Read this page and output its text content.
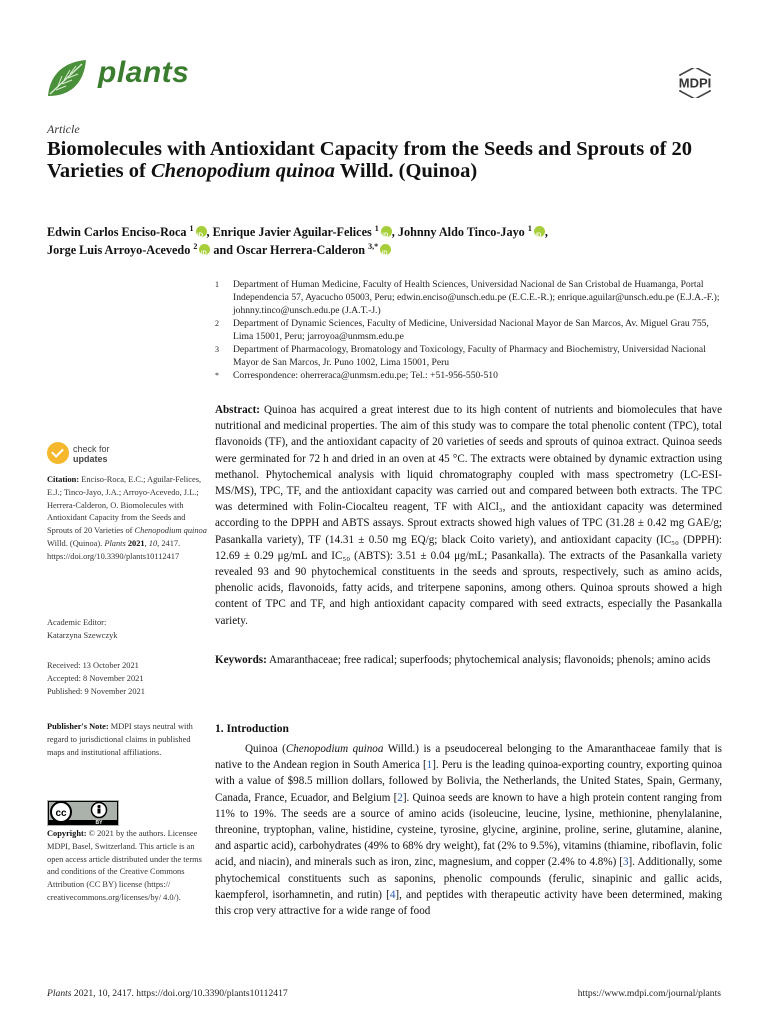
plants	MDPI
Article
Biomolecules with Antioxidant Capacity from the Seeds and Sprouts of 20 Varieties of Chenopodium quinoa Willd. (Quinoa)
Edwin Carlos Enciso-Roca $^1$ iD , Enrique Javier Aguilar-Felices $^1$ iD , Johnny Aldo Tinco-Jayo $^1$ iD ,
Jorge Luis Arroyo-Acevedo $^2$iD and Oscar Herrera-Calderon $^{3,*}$iD
1	Department of Human Medicine, Faculty of Health Sciences, Universidad Nacional de San Cristobal de Huamanga, Portal Independencia 57, Ayacucho 05003, Peru; edwin.enciso@unsch.edu.pe (E.C.E.-R.); enrique.aguilar@unsch.edu.pe (E.J.A.-F.); johnny.tinco@unsch.edu.pe (J.A.T.-J.)
2	Department of Dynamic Sciences, Faculty of Medicine, Universidad Nacional Mayor de San Marcos, Av. Miguel Grau 755, Lima 15001, Peru; jarroyoa@unmsm.edu.pe
3	Department of Pharmacology, Bromatology and Toxicology, Faculty of Pharmacy and Biochemistry, Universidad Nacional Mayor de San Marcos, Jr. Puno 1002, Lima 15001, Peru
*	Correspondence: oherreraca@unmsm.edu.pe; Tel.: +51-956-550-510
check for
updates
Citation: Enciso-Roca, E.C.; Aguilar-Felices, E.J.; Tinco-Jayo, J.A.; Arroyo-Acevedo, J.L.; Herrera-Calderon, O. Biomolecules with Antioxidant Capacity from the Seeds and Sprouts of 20 Varieties of Chenopodium quinoa Willd. (Quinoa). Plants 2021, 10, 2417. https://doi.org/10.3390/plants10112417
Academic Editor:
Katarzyna Szewczyk
Received: 13 October 2021
Accepted: 8 November 2021
Published: 9 November 2021
Publisher's Note: MDPI stays neutral with regard to jurisdictional claims in published maps and institutional affiliations.
cc
BY
Copyright: © 2021 by the authors. Licensee MDPI, Basel, Switzerland. This article is an open access article distributed under the terms and conditions of the Creative Commons Attribution (CC BY) license (https:// creativecommons.org/licenses/by/ 4.0/).
Abstract: Quinoa has acquired a great interest due to its high content of nutrients and biomolecules that have nutritional and medicinal properties. The aim of this study was to compare the total phenolic content (TPC), total flavonoids (TF), and the antioxidant capacity of 20 varieties of seeds and sprouts of quinoa extract. Quinoa seeds were germinated for 72 h and dried in an oven at 45 °C. The extracts were obtained by dynamic extraction using methanol. Phytochemical analysis with liquid chromatography coupled with mass spectrometry (LC-ESI-MS/MS), TPC, TF, and the antioxidant capacity was carried out and compared between both extracts. The TPC was determined with Folin-Ciocalteu reagent, TF with AlCl₃, and the antioxidant capacity was determined according to the DPPH and ABTS assays. Sprout extracts showed high values of TPC (31.28 ± 0.42 mg GAE/g; Pasankalla variety), TF (14.31 ± 0.50 mg EQ/g; black Coito variety), and antioxidant capacity (IC₅₀ (DPPH): 12.69 ± 0.29 μg/mL and IC₅₀ (ABTS): 3.51 ± 0.04 μg/mL; Pasankalla). The extracts of the Pasankalla variety revealed 93 and 90 phytochemical constituents in the seeds and sprouts, respectively, such as amino acids, phenolic acids, flavonoids, fatty acids, and triterpene saponins, among others. Quinoa sprouts showed a high content of TPC and TF, and high antioxidant capacity compared with seed extracts, especially the Pasankalla variety.
Keywords: Amaranthaceae; free radical; superfoods; phytochemical analysis; flavonoids; phenols; amino acids
1. Introduction
Quinoa (Chenopodium quinoa Willd.) is a pseudocereal belonging to the Amaranthaceae family that is native to the Andean region in South America [1]. Peru is the leading quinoa-exporting country, exporting quinoa with a value of $98.5 million dollars, followed by Bolivia, the Netherlands, the United States, Spain, Germany, Canada, France, Ecuador, and Belgium [2]. Quinoa seeds are known to have a high protein content ranging from 11% to 19%. The seeds are a source of amino acids (isoleucine, leucine, lysine, methionine, phenylalanine, threonine, tryptophan, valine, histidine, cysteine, tyrosine, glycine, arginine, proline, serine, glutamine, alanine, and aspartic acid), carbohydrates (49% to 68% dry weight), fat (2% to 9.5%), vitamins (thiamine, riboflavin, folic acid, and niacin), and minerals such as iron, zinc, magnesium, and copper (2.4% to 4.8%) [3]. Additionally, some phytochemical constituents such as saponins, phenolic compounds (ferulic, sinapinic and gallic acids, kaempferol, isorhamnetin, and rutin) [4], and peptides with therapeutic activity have been determined, making this crop very attractive for a wide range of food
Plants 2021, 10, 2417. https://doi.org/10.3390/plants10112417	https://www.mdpi.com/journal/plants
